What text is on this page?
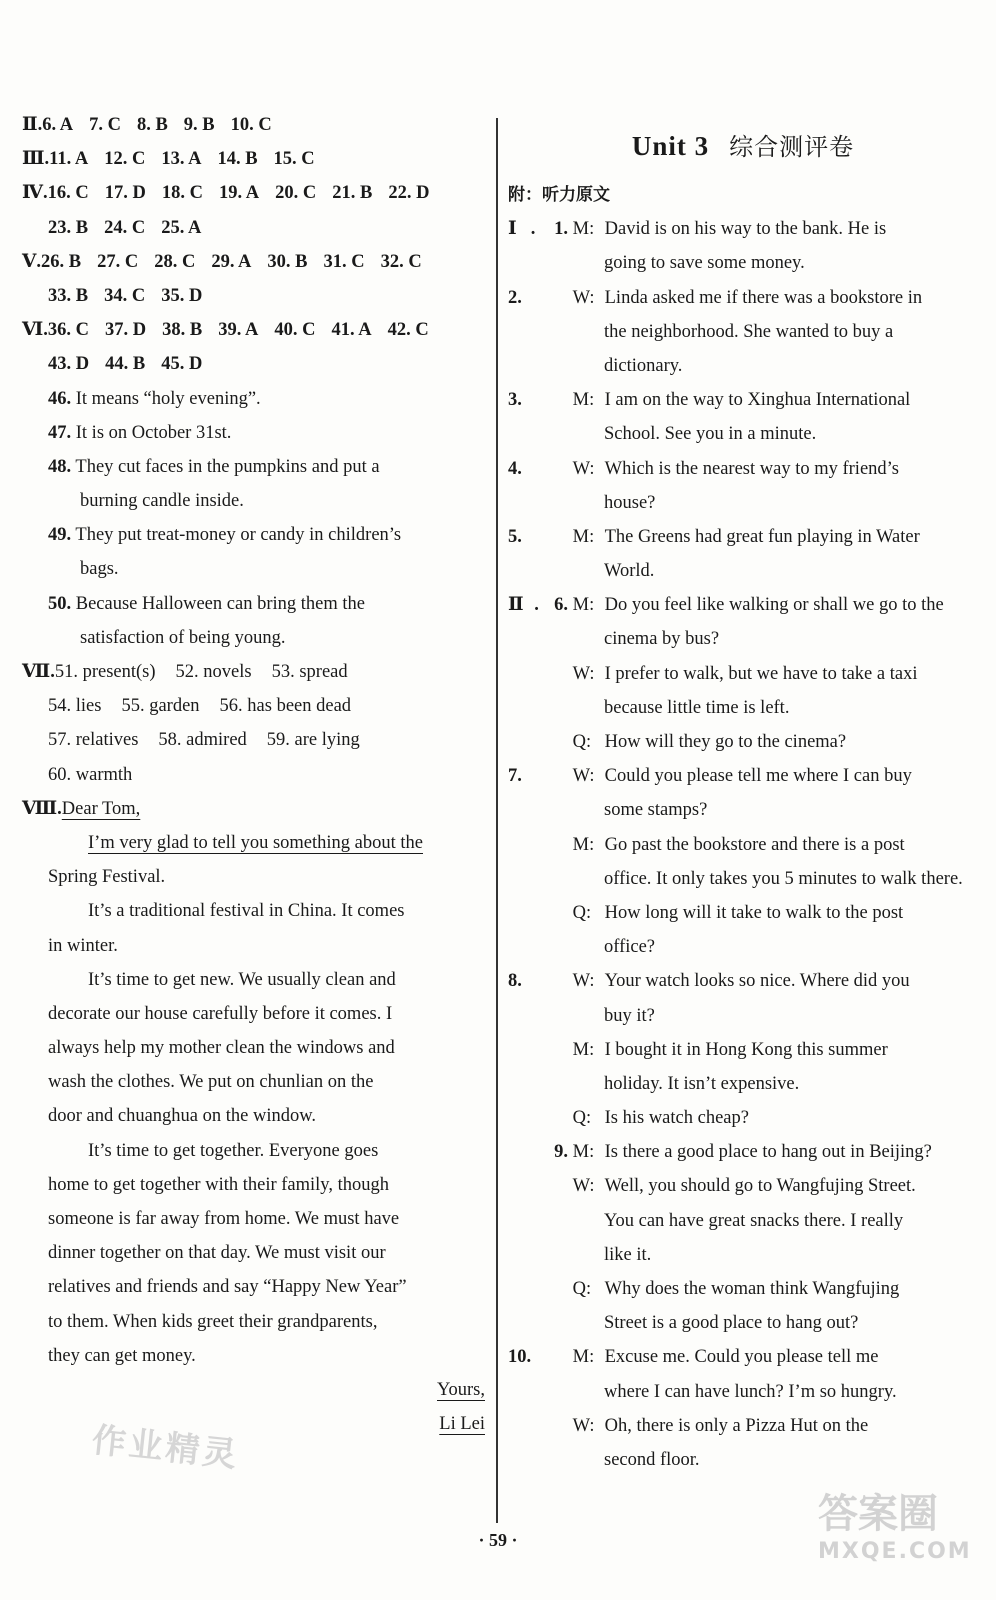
Ⅱ.6. A 7. C 8. B 9. B 10. C
Ⅲ.11. A 12. C 13. A 14. B 15. C
Ⅳ.16. C 17. D 18. C 19. A 20. C 21. B 22. D
23. B 24. C 25. A
Ⅴ.26. B 27. C 28. C 29. A 30. B 31. C 32. C
33. B 34. C 35. D
Ⅵ.36. C 37. D 38. B 39. A 40. C 41. A 42. C
43. D 44. B 45. D
46. It means “holy evening”.
47. It is on October 31st.
48. They cut faces in the pumpkins and put a
burning candle inside.
49. They put treat-money or candy in children’s
bags.
50. Because Halloween can bring them the
satisfaction of being young.
Ⅶ.51. present(s) 52. novels 53. spread
54. lies 55. garden 56. has been dead
57. relatives 58. admired 59. are lying
60. warmth
Ⅷ.Dear Tom,
I’m very glad to tell you something about the
Spring Festival.
It’s a traditional festival in China. It comes
in winter.
It’s time to get new. We usually clean and
decorate our house carefully before it comes. I
always help my mother clean the windows and
wash the clothes. We put on chunlian on the
door and chuanghua on the window.
It’s time to get together. Everyone goes
home to get together with their family, though
someone is far away from home. We must have
dinner together on that day. We must visit our
relatives and friends and say “Happy New Year”
to them. When kids greet their grandparents,
they can get money.
Yours,
Li Lei
Unit 3 综合测评卷
附：听力原文
Ⅰ. 1. M: David is on his way to the bank. He is
going to save some money.
2.	W: Linda asked me if there was a bookstore in
the neighborhood. She wanted to buy a
dictionary.
3.	M: I am on the way to Xinghua International
School. See you in a minute.
4.	W: Which is the nearest way to my friend’s
house?
5.	M: The Greens had great fun playing in Water
World.
Ⅱ. 6. M: Do you feel like walking or shall we go to the
cinema by bus?
W: I prefer to walk, but we have to take a taxi
because little time is left.
Q: How will they go to the cinema?
7.	W: Could you please tell me where I can buy
some stamps?
M: Go past the bookstore and there is a post
office. It only takes you 5 minutes to walk there.
Q: How long will it take to walk to the post
office?
8.	W: Your watch looks so nice. Where did you
buy it?
M: I bought it in Hong Kong this summer
holiday. It isn’t expensive.
Q: Is his watch cheap?
9. M: Is there a good place to hang out in Beijing?
W: Well, you should go to Wangfujing Street.
You can have great snacks there. I really
like it.
Q: Why does the woman think Wangfujing
Street is a good place to hang out?
10. M: Excuse me. Could you please tell me
where I can have lunch? I’m so hungry.
W: Oh, there is only a Pizza Hut on the
second floor.
· 59 ·
作业精灵
答案圈
MXQE.COM
